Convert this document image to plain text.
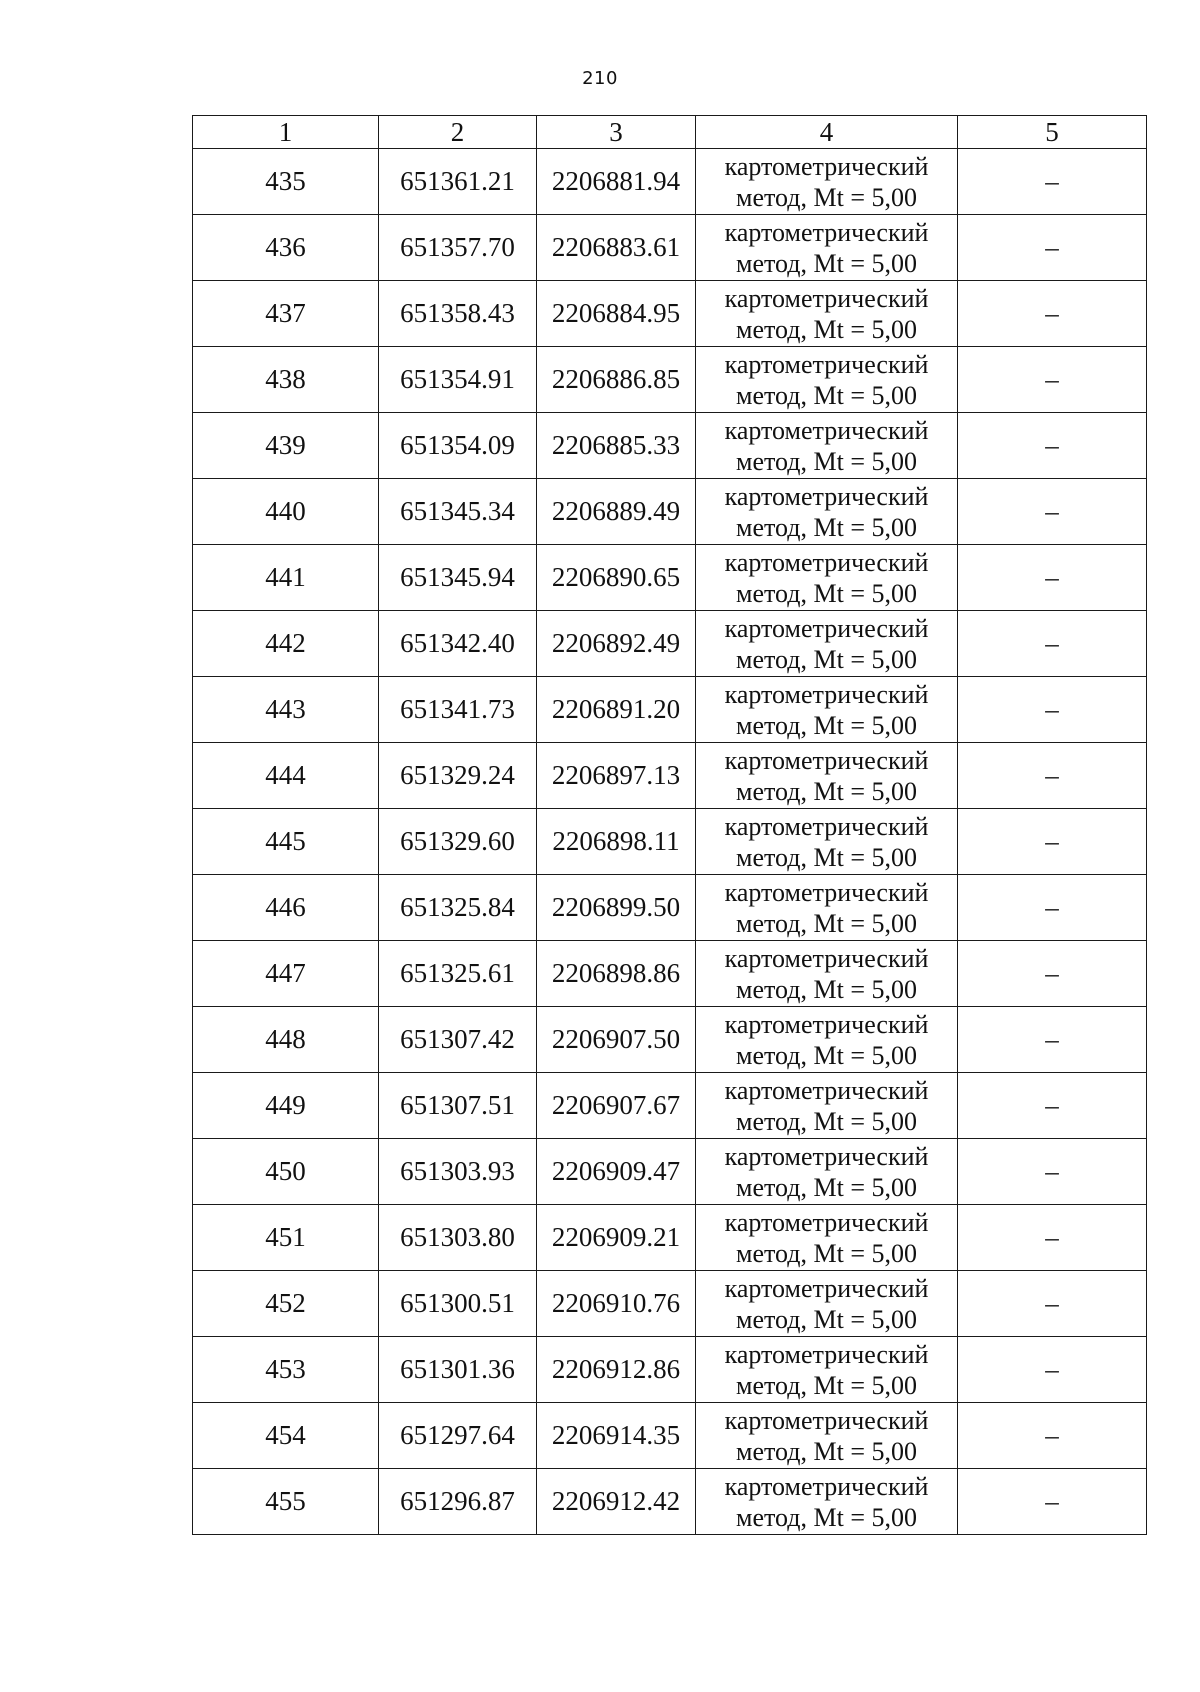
210
1	2	3	4	5
435	651361.21	2206881.94	картометрический
метод, Mt = 5,00	–
436	651357.70	2206883.61	картометрический
метод, Mt = 5,00	–
437	651358.43	2206884.95	картометрический
метод, Mt = 5,00	–
438	651354.91	2206886.85	картометрический
метод, Mt = 5,00	–
439	651354.09	2206885.33	картометрический
метод, Mt = 5,00	–
440	651345.34	2206889.49	картометрический
метод, Mt = 5,00	–
441	651345.94	2206890.65	картометрический
метод, Mt = 5,00	–
442	651342.40	2206892.49	картометрический
метод, Mt = 5,00	–
443	651341.73	2206891.20	картометрический
метод, Mt = 5,00	–
444	651329.24	2206897.13	картометрический
метод, Mt = 5,00	–
445	651329.60	2206898.11	картометрический
метод, Mt = 5,00	–
446	651325.84	2206899.50	картометрический
метод, Mt = 5,00	–
447	651325.61	2206898.86	картометрический
метод, Mt = 5,00	–
448	651307.42	2206907.50	картометрический
метод, Mt = 5,00	–
449	651307.51	2206907.67	картометрический
метод, Mt = 5,00	–
450	651303.93	2206909.47	картометрический
метод, Mt = 5,00	–
451	651303.80	2206909.21	картометрический
метод, Mt = 5,00	–
452	651300.51	2206910.76	картометрический
метод, Mt = 5,00	–
453	651301.36	2206912.86	картометрический
метод, Mt = 5,00	–
454	651297.64	2206914.35	картометрический
метод, Mt = 5,00	–
455	651296.87	2206912.42	картометрический
метод, Mt = 5,00	–
